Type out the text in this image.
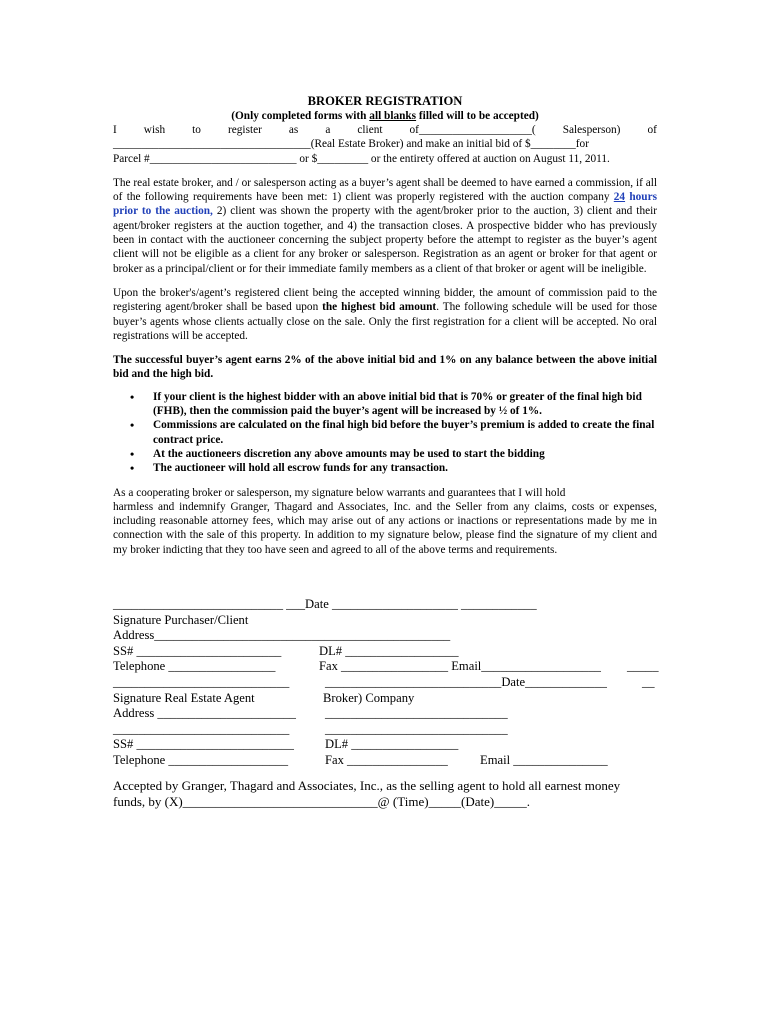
BROKER REGISTRATION
(Only completed forms with all blanks filled will to be accepted)
I wish to register as a client of____________________( Salesperson) of
___________________________________(Real Estate Broker) and make an initial bid of $________for
Parcel #__________________________ or $_________ or the entirety offered at auction on August 11, 2011.
The real estate broker, and / or salesperson acting as a buyer’s agent shall be deemed to have earned a commission, if all of the following requirements have been met: 1) client was properly registered with the auction company 24 hours prior to the auction, 2) client was shown the property with the agent/broker prior to the auction, 3) client and their agent/broker registers at the auction together, and 4) the transaction closes. A prospective bidder who has previously been in contact with the auctioneer concerning the subject property before the attempt to register as the buyer’s agent client will not be eligible as a client for any broker or salesperson. Registration as an agent or broker for that agent or broker as a principal/client or for their immediate family members as a client of that broker or agent will be ineligible.
Upon the broker's/agent’s registered client being the accepted winning bidder, the amount of commission paid to the registering agent/broker shall be based upon the highest bid amount. The following schedule will be used for those buyer’s agents whose clients actually close on the sale. Only the first registration for a client will be accepted. No oral registrations will be accepted.
The successful buyer’s agent earns 2% of the above initial bid and 1% on any balance between the above initial bid and the high bid.
• If your client is the highest bidder with an above initial bid that is 70% or greater of the final high bid (FHB), then the commission paid the buyer’s agent will be increased by ½ of 1%.
• Commissions are calculated on the final high bid before the buyer’s premium is added to create the final contract price.
• At the auctioneers discretion any above amounts may be used to start the bidding
• The auctioneer will hold all escrow funds for any transaction.
As a cooperating broker or salesperson, my signature below warrants and guarantees that I will hold
harmless and indemnify Granger, Thagard and Associates, Inc. and the Seller from any claims, costs or expenses, including reasonable attorney fees, which may arise out of any actions or inactions or representations made by me in connection with the sale of this property. In addition to my signature below, please find the signature of my client and my broker indicting that they too have seen and agreed to all of the above terms and requirements.
___________________________ ___Date ____________________ ____________
Signature Purchaser/Client
Address_______________________________________________
SS# _______________________	DL# __________________
Telephone _________________	Fax _________________ Email___________________ _____
____________________________	____________________________Date_____________	__
Signature Real Estate Agent	Broker) Company
Address ______________________ _____________________________
____________________________	_____________________________
SS# _________________________ DL# _________________
Telephone ___________________	Fax ________________	Email _______________
Accepted by Granger, Thagard and Associates, Inc., as the selling agent to hold all earnest money
funds, by (X)______________________________@ (Time)_____(Date)_____.
